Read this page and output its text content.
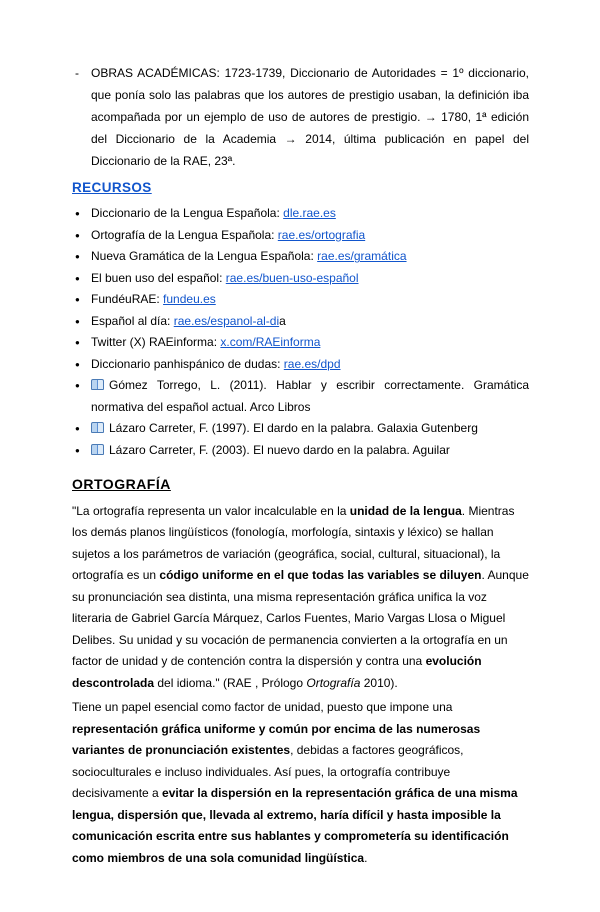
-	OBRAS ACADÉMICAS: 1723-1739, Diccionario de Autoridades = 1º diccionario, que ponía solo las palabras que los autores de prestigio usaban, la definición iba acompañada por un ejemplo de uso de autores de prestigio. → 1780, 1ª edición del Diccionario de la Academia → 2014, última publicación en papel del Diccionario de la RAE, 23ª.
RECURSOS
● Diccionario de la Lengua Española: dle.rae.es
● Ortografía de la Lengua Española: rae.es/ortografia
● Nueva Gramática de la Lengua Española: rae.es/gramática
● El buen uso del español: rae.es/buen-uso-español
● FundéuRAE: fundeu.es
● Español al día: rae.es/espanol-al-dia
● Twitter (X) RAEinforma: x.com/RAEinforma
● Diccionario panhispánico de dudas: rae.es/dpd
●	Gómez Torrego, L. (2011). Hablar y escribir correctamente. Gramática normativa del español actual. Arco Libros
●	Lázaro Carreter, F. (1997). El dardo en la palabra. Galaxia Gutenberg
●	Lázaro Carreter, F. (2003). El nuevo dardo en la palabra. Aguilar
ORTOGRAFÍA

"La ortografía representa un valor incalculable en la unidad de la lengua. Mientras los demás planos lingüísticos (fonología, morfología, sintaxis y léxico) se hallan sujetos a los parámetros de variación (geográfica, social, cultural, situacional), la ortografía es un código uniforme en el que todas las variables se diluyen. Aunque su pronunciación sea distinta, una misma representación gráfica unifica la voz literaria de Gabriel García Márquez, Carlos Fuentes, Mario Vargas Llosa o Miguel Delibes. Su unidad y su vocación de permanencia convierten a la ortografía en un factor de unidad y de contención contra la dispersión y contra una evolución descontrolada del idioma." (RAE , Prólogo Ortografía 2010).

Tiene un papel esencial como factor de unidad, puesto que impone una representación gráfica uniforme y común por encima de las numerosas variantes de pronunciación existentes, debidas a factores geográficos, socioculturales e incluso individuales. Así pues, la ortografía contribuye decisivamente a evitar la dispersión en la representación gráfica de una misma lengua, dispersión que, llevada al extremo, haría difícil y hasta imposible la comunicación escrita entre sus hablantes y comprometería su identificación como miembros de una sola comunidad lingüística.
